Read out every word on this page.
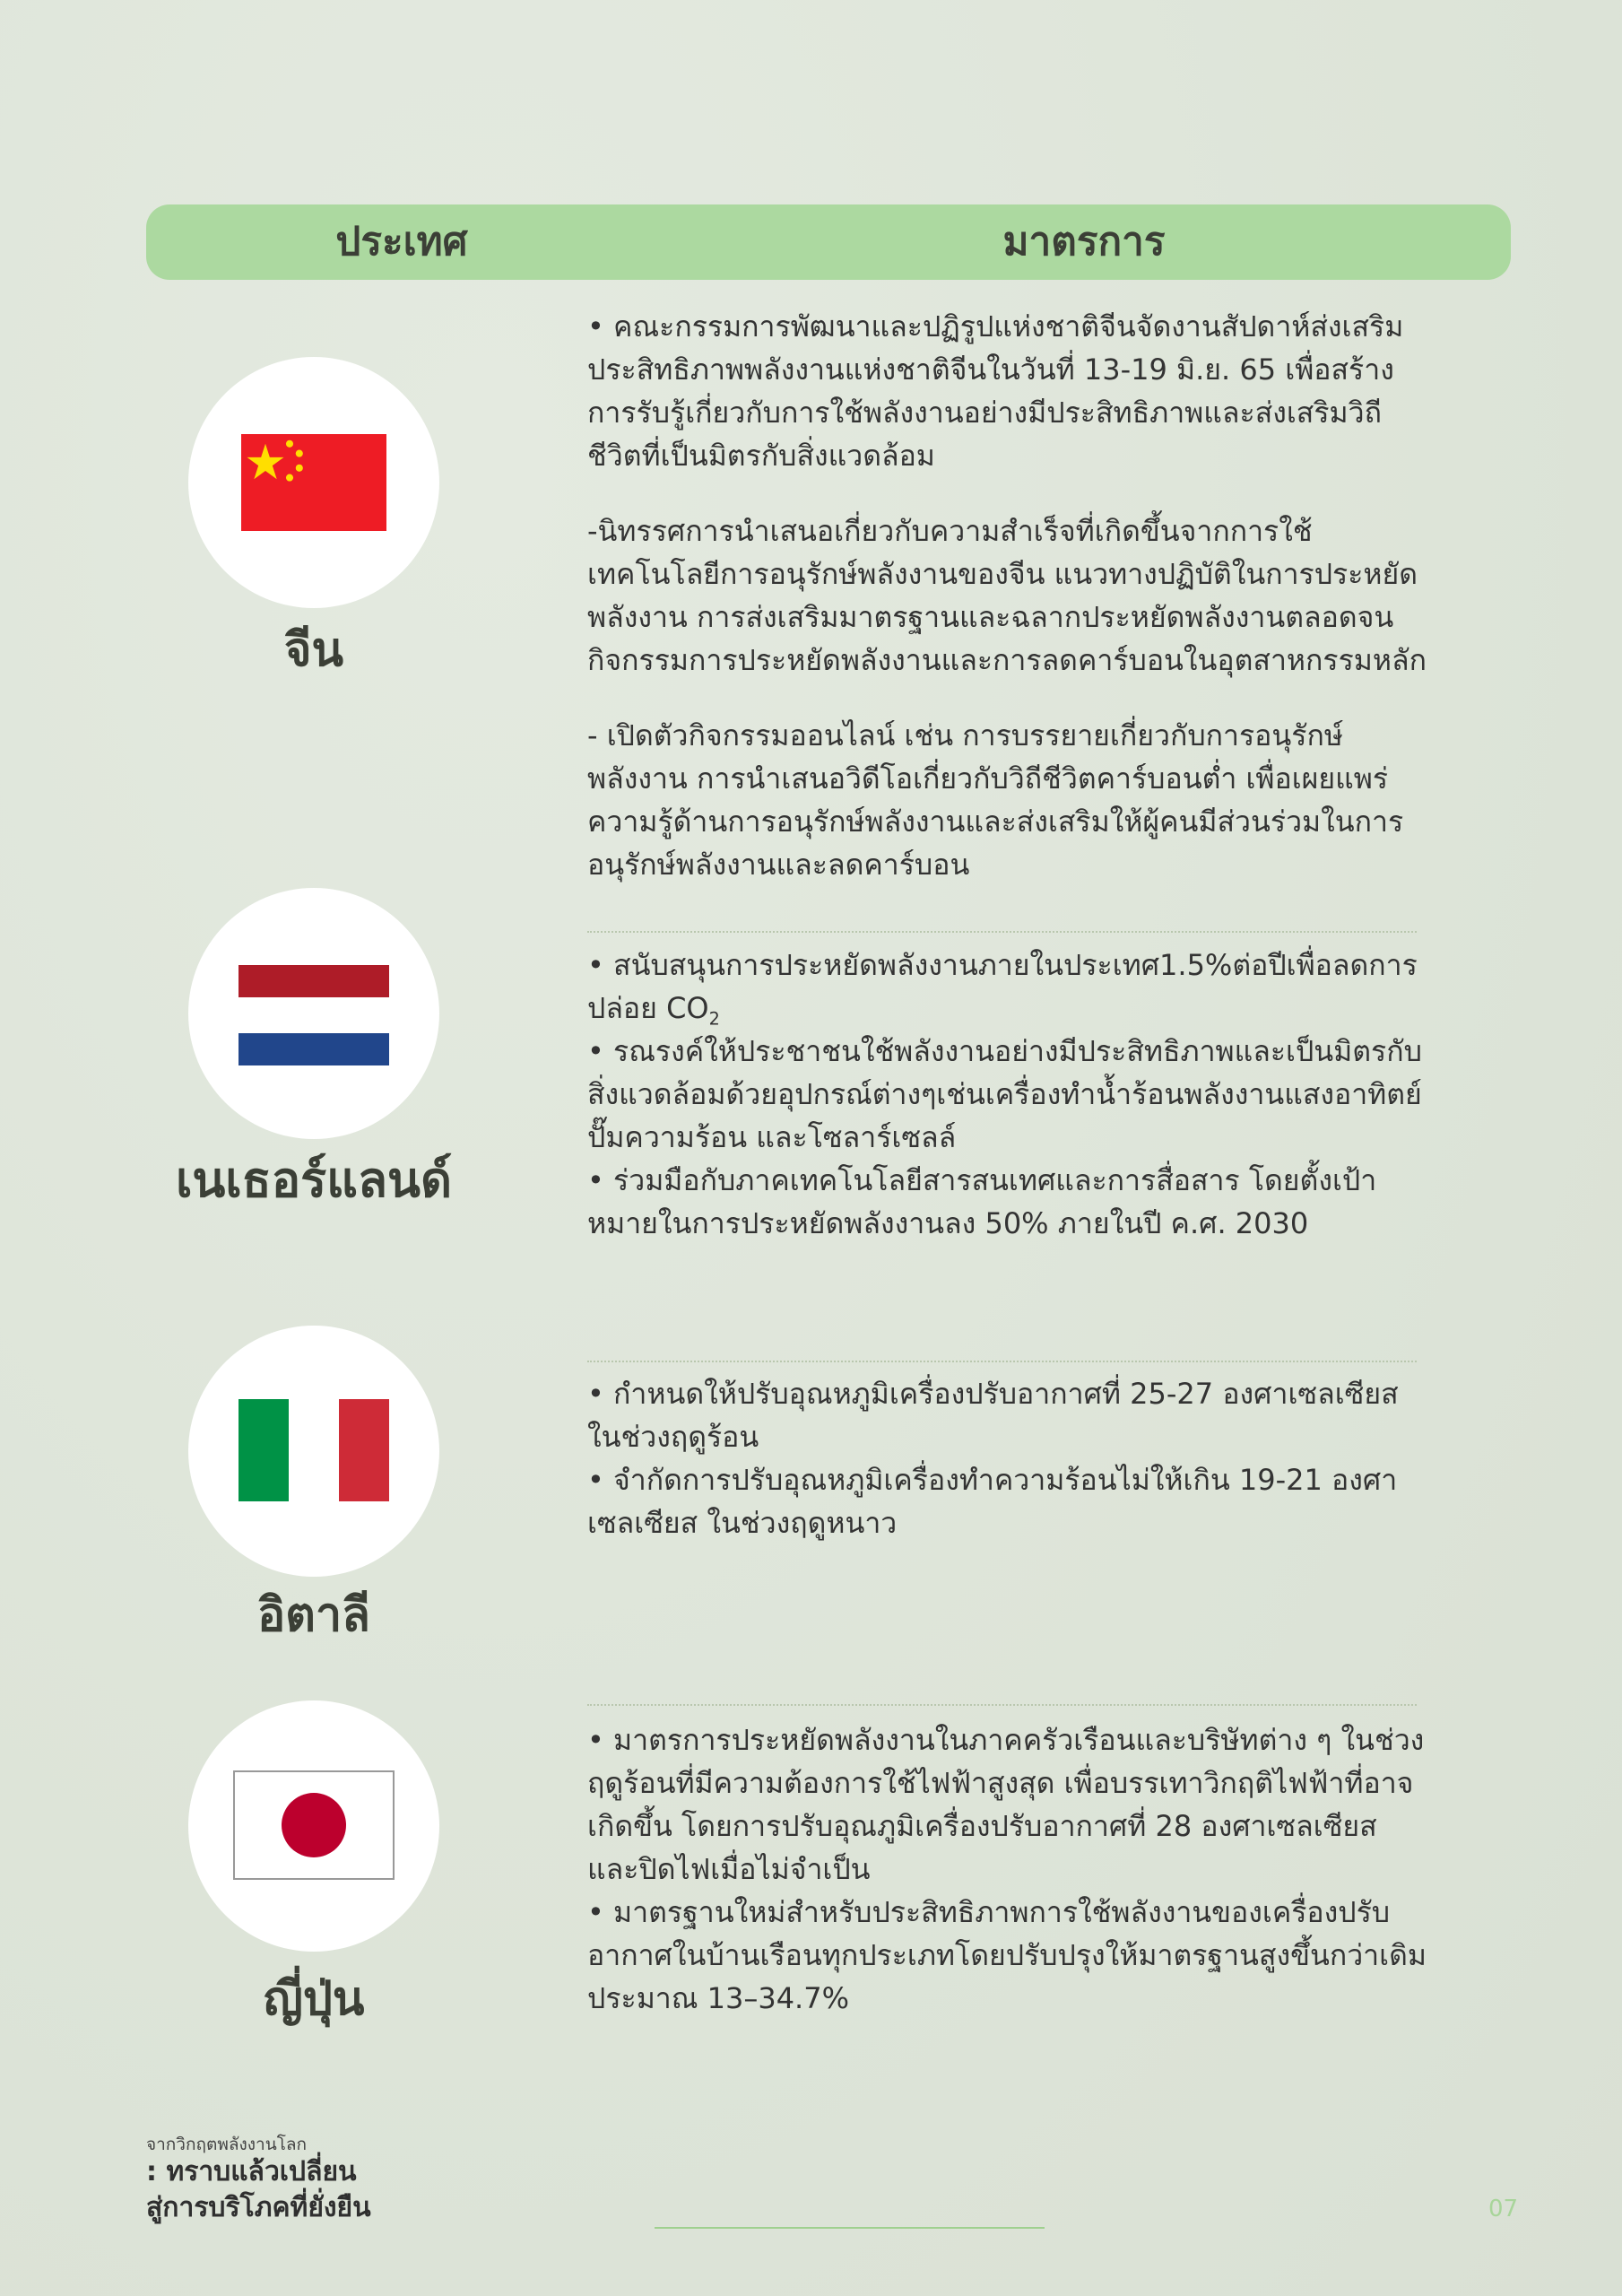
ประเทศ	มาตรการ
จีน

• คณะกรรมการพัฒนาและปฏิรูปแห่งชาติจีนจัดงานสัปดาห์ส่งเสริมประสิทธิภาพพลังงานแห่งชาติจีนในวันที่ 13-19 มิ.ย. 65 เพื่อสร้างการรับรู้เกี่ยวกับการใช้พลังงานอย่างมีประสิทธิภาพและส่งเสริมวิถีชีวิตที่เป็นมิตรกับสิ่งแวดล้อม

-นิทรรศการนำเสนอเกี่ยวกับความสำเร็จที่เกิดขึ้นจากการใช้เทคโนโลยีการอนุรักษ์พลังงานของจีน แนวทางปฏิบัติในการประหยัดพลังงาน การส่งเสริมมาตรฐานและฉลากประหยัดพลังงานตลอดจนกิจกรรมการประหยัดพลังงานและการลดคาร์บอนในอุตสาหกรรมหลัก

- เปิดตัวกิจกรรมออนไลน์ เช่น การบรรยายเกี่ยวกับการอนุรักษ์พลังงาน การนำเสนอวิดีโอเกี่ยวกับวิถีชีวิตคาร์บอนต่ำ เพื่อเผยแพร่ความรู้ด้านการอนุรักษ์พลังงานและส่งเสริมให้ผู้คนมีส่วนร่วมในการอนุรักษ์พลังงานและลดคาร์บอน

เนเธอร์แลนด์

• สนับสนุนการประหยัดพลังงานภายในประเทศ1.5%ต่อปีเพื่อลดการปล่อย $CO_2$

• รณรงค์ให้ประชาชนใช้พลังงานอย่างมีประสิทธิภาพและเป็นมิตรกับสิ่งแวดล้อมด้วยอุปกรณ์ต่างๆเช่นเครื่องทำน้ำร้อนพลังงานแสงอาทิตย์ ปั๊มความร้อน และโซลาร์เซลล์

• ร่วมมือกับภาคเทคโนโลยีสารสนเทศและการสื่อสาร โดยตั้งเป้าหมายในการประหยัดพลังงานลง 50% ภายในปี ค.ศ. 2030

อิตาลี

• กำหนดให้ปรับอุณหภูมิเครื่องปรับอากาศที่ 25-27 องศาเซลเซียส ในช่วงฤดูร้อน

• จำกัดการปรับอุณหภูมิเครื่องทำความร้อนไม่ให้เกิน 19-21 องศาเซลเซียส ในช่วงฤดูหนาว

ญี่ปุ่น

• มาตรการประหยัดพลังงานในภาคครัวเรือนและบริษัทต่าง ๆ ในช่วงฤดูร้อนที่มีความต้องการใช้ไฟฟ้าสูงสุด เพื่อบรรเทาวิกฤติไฟฟ้าที่อาจเกิดขึ้น โดยการปรับอุณภูมิเครื่องปรับอากาศที่ 28 องศาเซลเซียส และปิดไฟเมื่อไม่จำเป็น

• มาตรฐานใหม่สำหรับประสิทธิภาพการใช้พลังงานของเครื่องปรับอากาศในบ้านเรือนทุกประเภทโดยปรับปรุงให้มาตรฐานสูงขึ้นกว่าเดิมประมาณ 13–34.7%

จากวิกฤตพลังงานโลก
: ทราบแล้วเปลี่ยน
สู่การบริโภคที่ยั่งยืน	07
